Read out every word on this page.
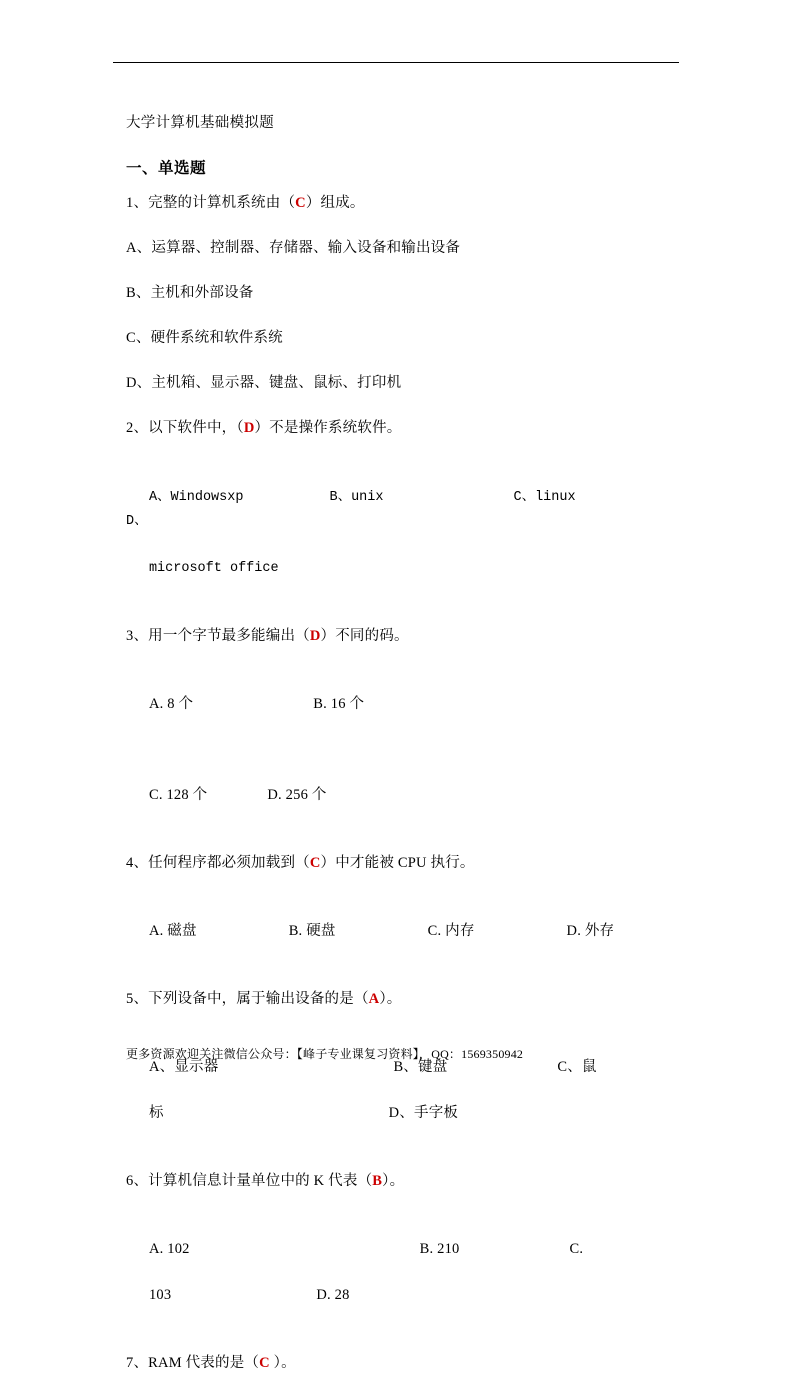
大学计算机基础模拟题
一、单选题
1、完整的计算机系统由（C）组成。
A、运算器、控制器、存储器、输入设备和输出设备
B、主机和外部设备
C、硬件系统和软件系统
D、主机箱、显示器、键盘、鼠标、打印机
2、以下软件中，（D）不是操作系统软件。

A、Windowsxp	B、unix	C、linuxD、

microsoft office

3、用一个字节最多能编出（D）不同的码。

A. 8 个	B. 16 个

C. 128 个	D. 256 个

4、任何程序都必须加载到（C）中才能被 CPU 执行。

A. 磁盘	B. 硬盘	C. 内存	D. 外存

5、下列设备中，属于输出设备的是（A）。

A、显示器	B、键盘	C、鼠

标	D、手字板

6、计算机信息计量单位中的 K 代表（B）。

A. 102	B. 210	C.

103	D. 28

7、RAM 代表的是（C ）。
更多资源欢迎关注微信公众号：【峰子专业课复习资料】，QQ：1569350942
